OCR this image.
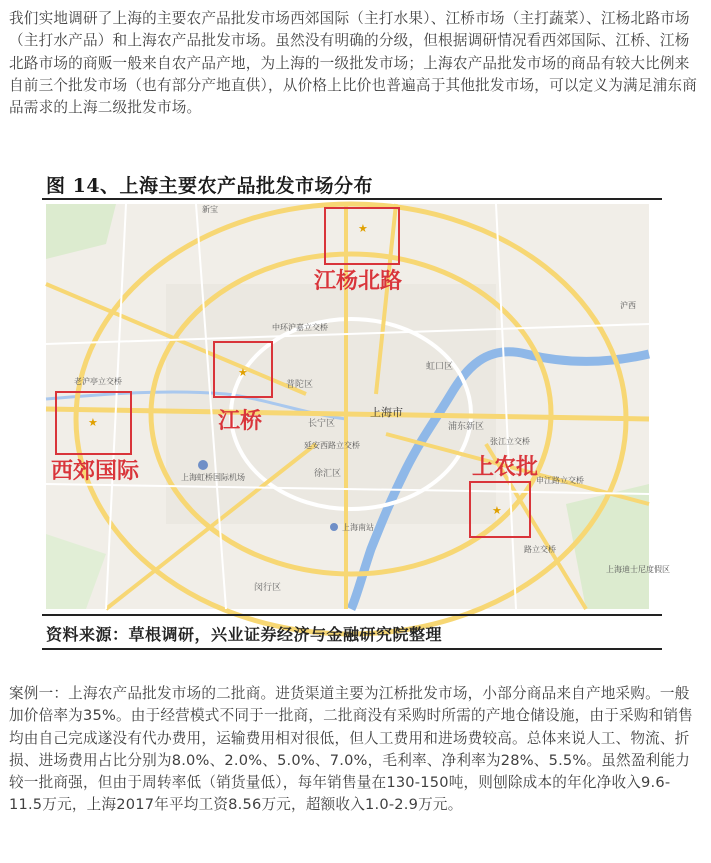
我们实地调研了上海的主要农产品批发市场西郊国际（主打水果）、江桥市场（主打蔬菜）、江杨北路市场（主打水产品）和上海农产品批发市场。虽然没有明确的分级，但根据调研情况看西郊国际、江桥、江杨北路市场的商贩一般来自农产品产地，为上海的一级批发市场；上海农产品批发市场的商品有较大比例来自前三个批发市场（也有部分产地直供），从价格上比价也普遍高于其他批发市场，可以定义为满足浦东商品需求的上海二级批发市场。

图 14、上海主要农产品批发市场分布
上海市
虹口区
长宁区
徐汇区
浦东新区
普陀区
闵行区
上海虹桥国际机场
上海南站
中环沪嘉立交桥
老沪亭立交桥
延安西路立交桥	张江立交桥
申江路立交桥
路立交桥
上海迪士尼度假区
沪西
新宝
★
江杨北路
★
江桥
★
西郊国际
★
上农批
资料来源：草根调研，兴业证券经济与金融研究院整理

案例一：上海农产品批发市场的二批商。进货渠道主要为江桥批发市场，小部分商品来自产地采购。一般加价倍率为35%。由于经营模式不同于一批商，二批商没有采购时所需的产地仓储设施，由于采购和销售均由自己完成遂没有代办费用，运输费用相对很低，但人工费用和进场费较高。总体来说人工、物流、折损、进场费用占比分别为8.0%、2.0%、5.0%、7.0%，毛利率、净利率为28%、5.5%。虽然盈利能力较一批商强，但由于周转率低（销货量低），每年销售量在130-150吨，则刨除成本的年化净收入9.6-11.5万元，上海2017年平均工资8.56万元，超额收入1.0-2.9万元。
